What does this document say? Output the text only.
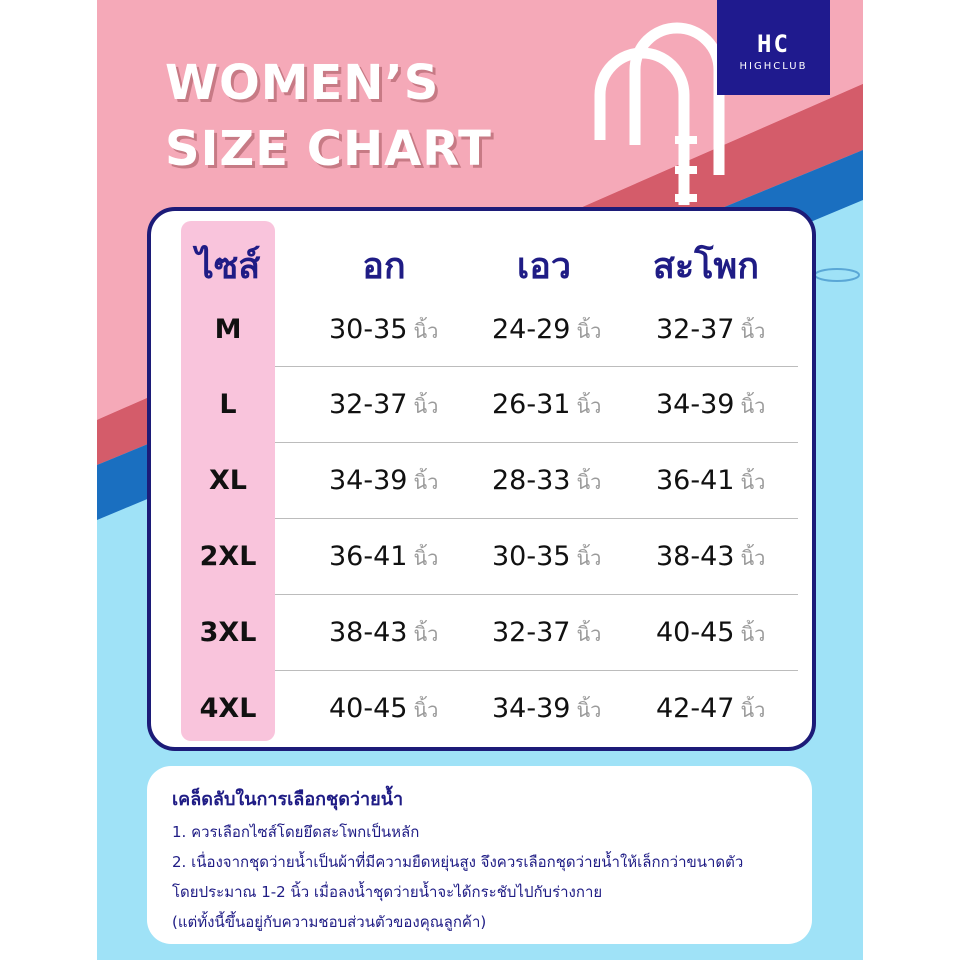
WOMEN’S
SIZE CHART
HC
HIGHCLUB
ไซส์	อก	เอว	สะโพก
M	30-35 นิ้ว 24-29 นิ้ว 32-37 นิ้ว
L	32-37 นิ้ว 26-31 นิ้ว 34-39 นิ้ว
XL	34-39 นิ้ว 28-33 นิ้ว 36-41 นิ้ว
2XL	36-41 นิ้ว 30-35 นิ้ว 38-43 นิ้ว
3XL	38-43 นิ้ว 32-37 นิ้ว 40-45 นิ้ว
4XL	40-45 นิ้ว 34-39 นิ้ว 42-47 นิ้ว
เคล็ดลับในการเลือกชุดว่ายน้ำ

1. ควรเลือกไซส์โดยยึดสะโพกเป็นหลัก

2. เนื่องจากชุดว่ายน้ำเป็นผ้าที่มีความยืดหยุ่นสูง จึงควรเลือกชุดว่ายน้ำให้เล็กกว่าขนาดตัว

โดยประมาณ 1-2 นิ้ว เมื่อลงน้ำชุดว่ายน้ำจะได้กระชับไปกับร่างกาย

(แต่ทั้งนี้ขึ้นอยู่กับความชอบส่วนตัวของคุณลูกค้า)
